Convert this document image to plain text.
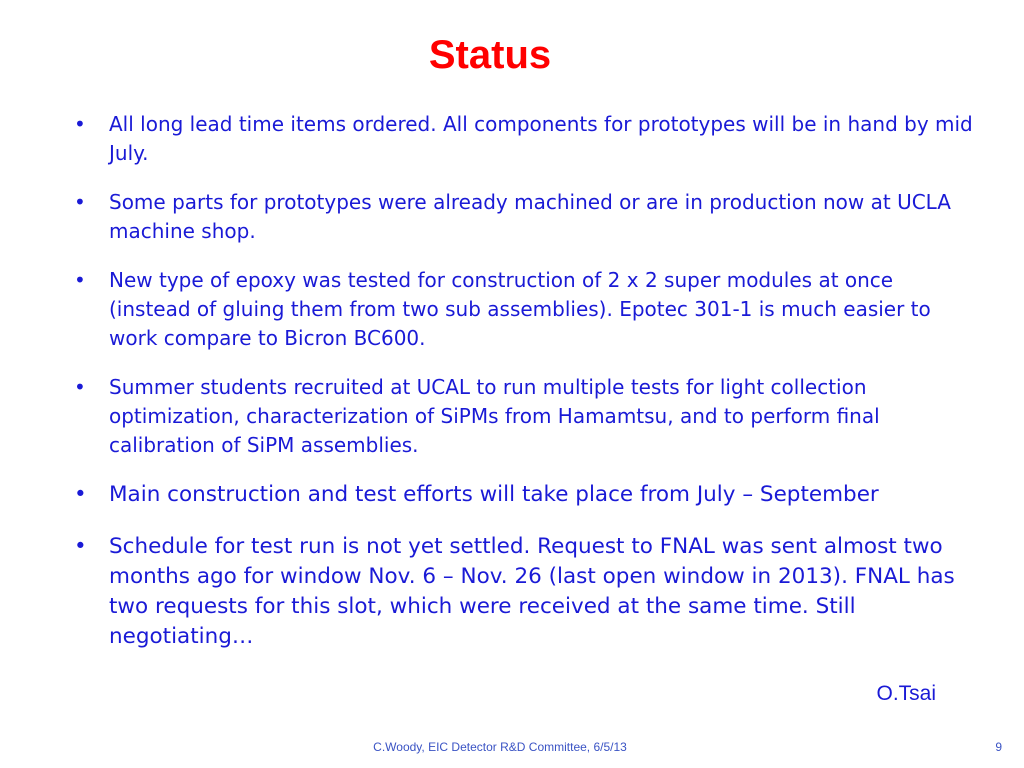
Status
• All long lead time items ordered. All components for prototypes will be in hand by mid July.
• Some parts for prototypes were already machined or are in production now at UCLA machine shop.
• New type of epoxy was tested for construction of 2 x 2 super modules at once (instead of gluing them from two sub assemblies). Epotec 301-1 is much easier to work compare to Bicron BC600.
• Summer students recruited at UCAL to run multiple tests for light collection optimization, characterization of SiPMs from Hamamtsu, and to perform final calibration of SiPM assemblies.
• Main construction and test efforts will take place from July – September
• Schedule for test run is not yet settled. Request to FNAL was sent almost two months ago for window Nov. 6 – Nov. 26 (last open window in 2013). FNAL has two requests for this slot, which were received at the same time. Still negotiating…
O.Tsai
C.Woody, EIC Detector R&D Committee, 6/5/13	9
